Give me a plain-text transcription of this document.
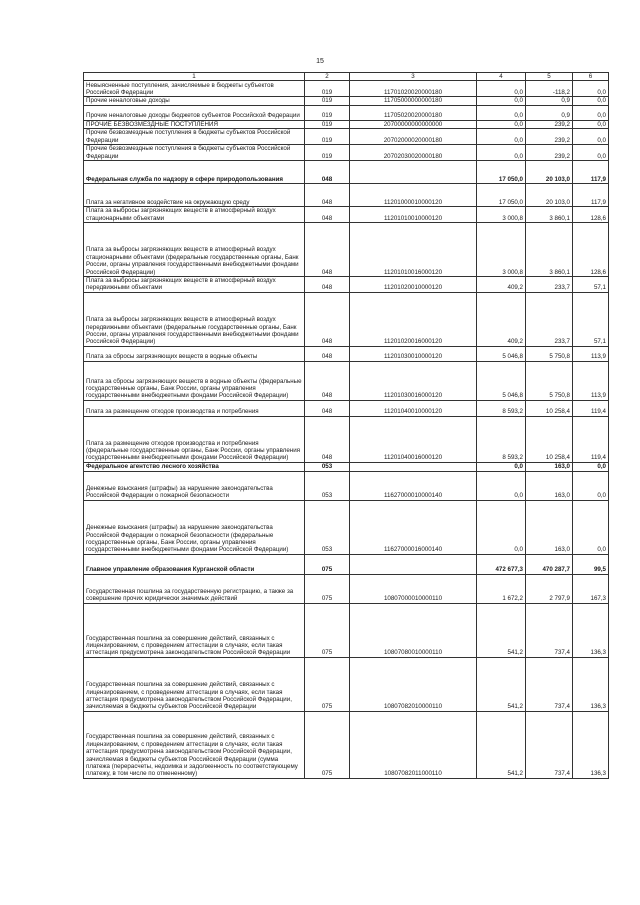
15
1	2	3	4	5	6
Невыясненные поступления, зачисляемые в бюджеты субъектов Российской Федерации	019	11701020020000180	0,0	-118,2	0,0
Прочие неналоговые доходы	019	11705000000000180	0,0	0,9	0,0
Прочие неналоговые доходы бюджетов субъектов Российской Федерации	019	11705020020000180	0,0	0,9	0,0
ПРОЧИЕ БЕЗВОЗМЕЗДНЫЕ ПОСТУПЛЕНИЯ	019	20700000000000000	0,0	239,2	0,0
Прочие безвозмездные поступления в бюджеты субъектов Российской Федерации	019	20702000020000180	0,0	239,2	0,0
Прочие безвозмездные поступления в бюджеты субъектов Российской Федерации	019	20702030020000180	0,0	239,2	0,0
Федеральная служба по надзору в сфере природопользования	048		17 050,0	20 103,0	117,9
Плата за негативное воздействие на окружающую среду	048	11201000010000120	17 050,0	20 103,0	117,9
Плата за выбросы загрязняющих веществ в атмосферный воздух стационарными объектами	048	11201010010000120	3 000,8	3 860,1	128,6
Плата за выбросы загрязняющих веществ в атмосферный воздух стационарными объектами (федеральные государственные органы, Банк России, органы управления государственными внебюджетными фондами Российской Федерации)	048	11201010016000120	3 000,8	3 860,1	128,6
Плата за выбросы загрязняющих веществ в атмосферный воздух передвижными объектами	048	11201020010000120	409,2	233,7	57,1
Плата за выбросы загрязняющих веществ в атмосферный воздух передвижными объектами (федеральные государственные органы, Банк России, органы управления государственными внебюджетными фондами Российской Федерации)	048	11201020016000120	409,2	233,7	57,1
Плата за сбросы загрязняющих веществ в водные объекты	048	11201030010000120	5 046,8	5 750,8	113,9
Плата за сбросы загрязняющих веществ в водные объекты (федеральные государственные органы, Банк России, органы управления государственными внебюджетными фондами Российской Федерации)	048	11201030016000120	5 046,8	5 750,8	113,9
Плата за размещение отходов производства и потребления	048	11201040010000120	8 593,2	10 258,4	119,4
Плата за размещение отходов производства и потребления (федеральные государственные органы, Банк России, органы управления государственными внебюджетными фондами Российской Федерации)	048	11201040016000120	8 593,2	10 258,4	119,4
Федеральное агентство лесного хозяйства	053		0,0	163,0	0,0
Денежные взыскания (штрафы) за нарушение законодательства Российской Федерации о пожарной безопасности	053	11627000010000140	0,0	163,0	0,0
Денежные взыскания (штрафы) за нарушение законодательства Российской Федерации о пожарной безопасности (федеральные государственные органы, Банк России, органы управления государственными внебюджетными фондами Российской Федерации)	053	11627000016000140	0,0	163,0	0,0
Главное управление образования Курганской области	075		472 677,3	470 287,7	99,5
Государственная пошлина за государственную регистрацию, а также за совершение прочих юридически значимых действий	075	10807000010000110	1 672,2	2 797,9	167,3
Государственная пошлина за совершение действий, связанных с лицензированием, с проведением аттестации в случаях, если такая аттестация предусмотрена законодательством Российской Федерации	075	10807080010000110	541,2	737,4	136,3
Государственная пошлина за совершение действий, связанных с лицензированием, с проведением аттестации в случаях, если такая аттестация предусмотрена законодательством Российской Федерации, зачисляемая в бюджеты субъектов Российской Федерации	075	10807082010000110	541,2	737,4	136,3
Государственная пошлина за совершение действий, связанных с лицензированием, с проведением аттестации в случаях, если такая аттестация предусмотрена законодательством Российской Федерации, зачисляемая в бюджеты субъектов Российской Федерации (сумма платежа (перерасчеты, недоимка и задолженность по соответствующему платежу, в том числе по отмененному)	075	10807082011000110	541,2	737,4	136,3
